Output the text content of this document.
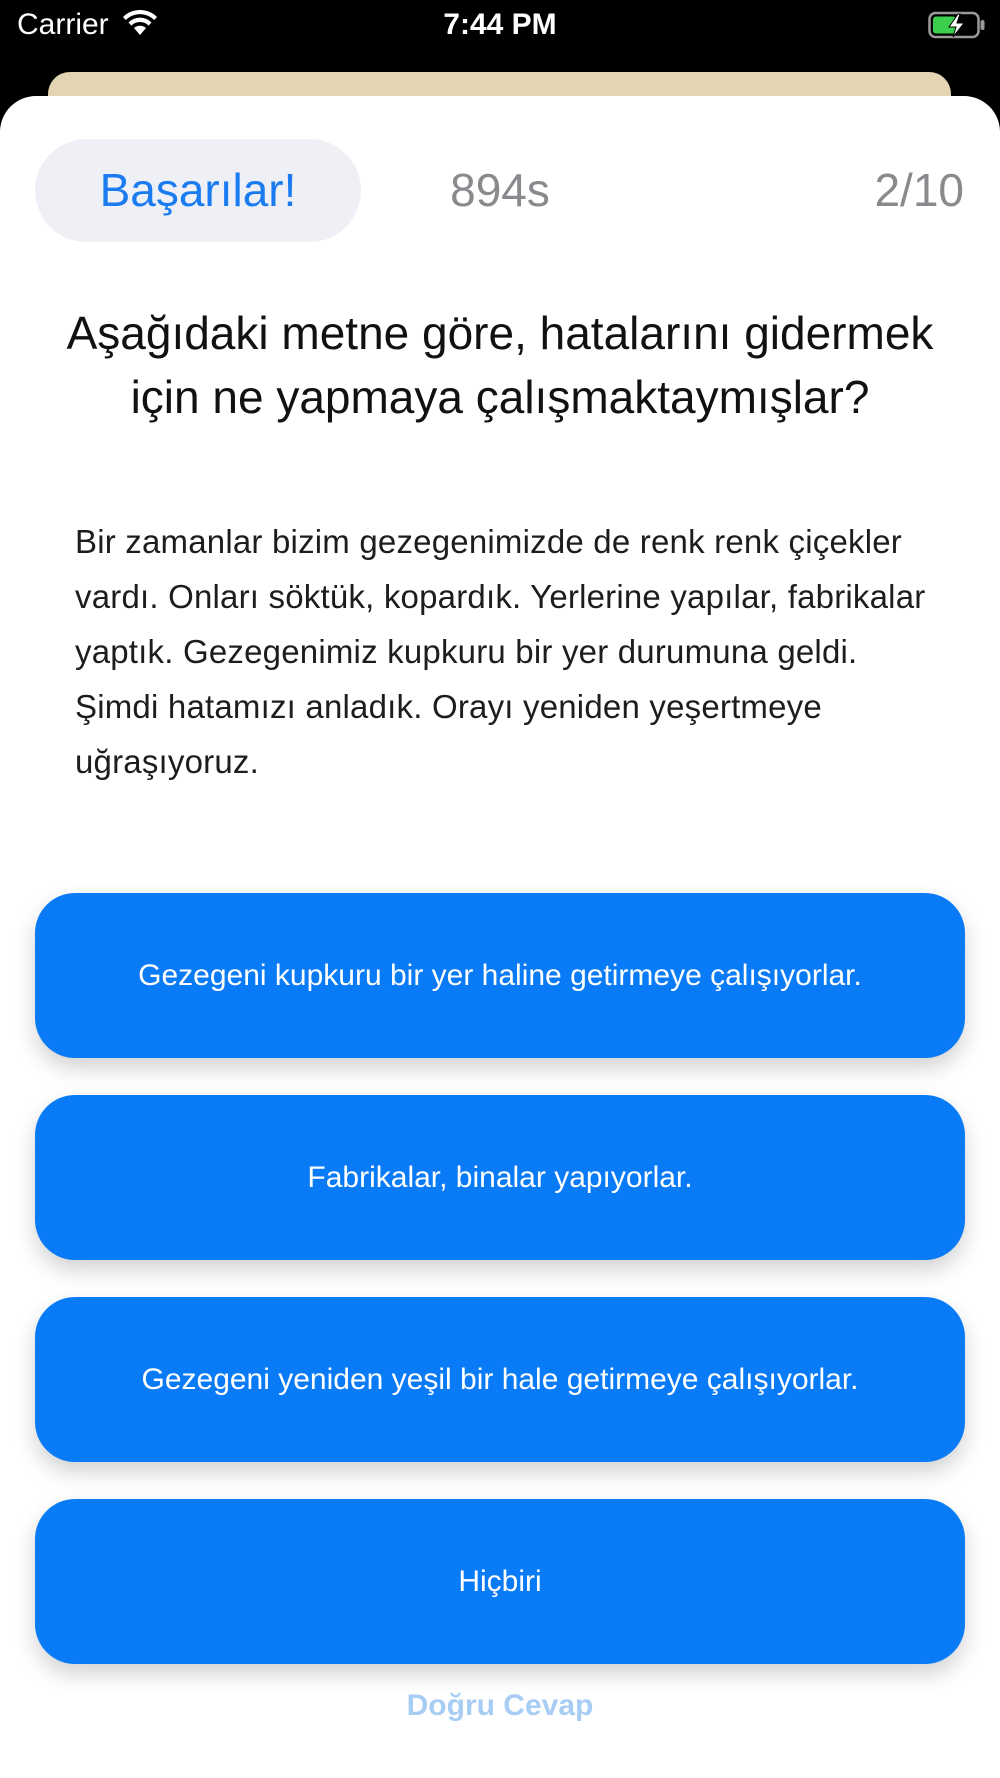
Carrier	7:44 PM
Başarılar!	894s	2/10
Aşağıdaki metne göre, hatalarını gidermek için ne yapmaya çalışmaktaymışlar?
Bir zamanlar bizim gezegenimizde de renk renk çiçekler vardı. Onları söktük, kopardık. Yerlerine yapılar, fabrikalar yaptık. Gezegenimiz kupkuru bir yer durumuna geldi. Şimdi hatamızı anladık. Orayı yeniden yeşertmeye uğraşıyoruz.
Gezegeni kupkuru bir yer haline getirmeye çalışıyorlar.
Fabrikalar, binalar yapıyorlar.
Gezegeni yeniden yeşil bir hale getirmeye çalışıyorlar.
Hiçbiri
Doğru Cevap
